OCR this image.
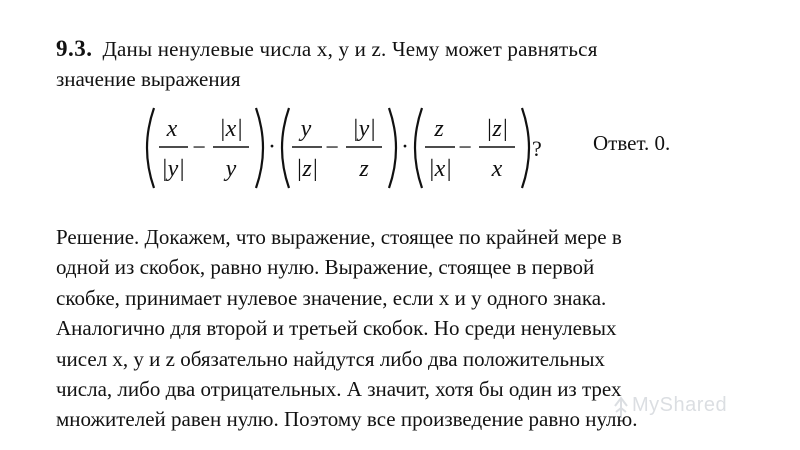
9.3. Даны ненулевые числа x, y и z. Чему может равняться
значение выражения
x
|y|
−
|x|
y
·
y
|z|
−
|y|
z
·
z
|x|
−
|z|
x
? Ответ. 0.
Решение. Докажем, что выражение, стоящее по крайней мере в
одной из скобок, равно нулю. Выражение, стоящее в первой
скобке, принимает нулевое значение, если x и y одного знака.
Аналогично для второй и третьей скобок. Но среди ненулевых
чисел x, y и z обязательно найдутся либо два положительных
числа, либо два отрицательных. А значит, хотя бы один из трех
множителей равен нулю. Поэтому все произведение равно нулю.
MyShared
